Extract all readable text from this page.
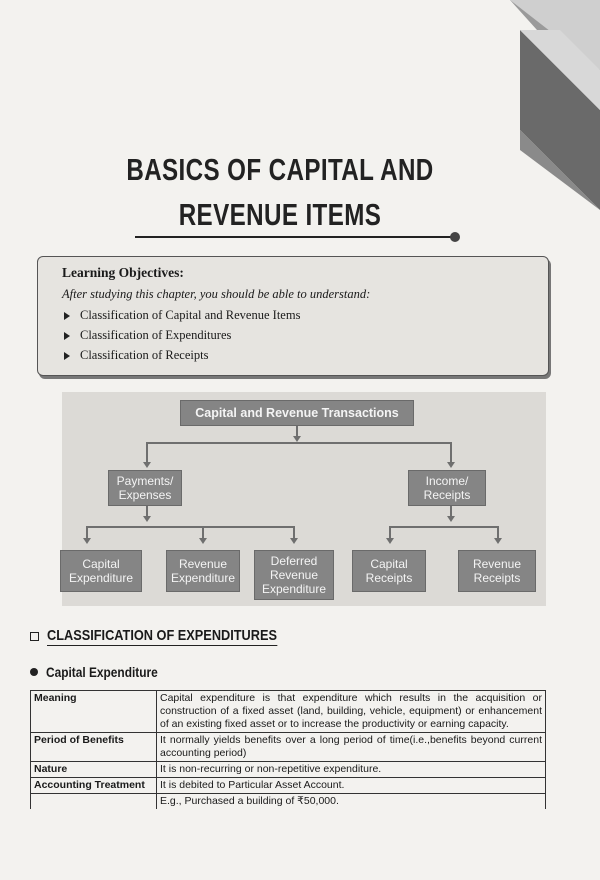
BASICS OF CAPITAL AND
REVENUE ITEMS
Learning Objectives:
After studying this chapter, you should be able to understand:
Classification of Capital and Revenue Items
Classification of Expenditures
Classification of Receipts
Capital and Revenue Transactions
Payments/ Expenses
Income/ Receipts
Capital Expenditure
Revenue Expenditure
Deferred Revenue Expenditure
Capital Receipts
Revenue Receipts
CLASSIFICATION OF EXPENDITURES
Capital Expenditure
Meaning	Capital expenditure is that expenditure which results in the acquisition or construction of a fixed asset (land, building, vehicle, equipment) or enhancement of an existing fixed asset or to increase the productivity or earning capacity.
Period of Benefits	It normally yields benefits over a long period of time(i.e.,benefits beyond current accounting period)
Nature	It is non-recurring or non-repetitive expenditure.
Accounting Treatment	It is debited to Particular Asset Account.
	E.g., Purchased a building of ₹50,000.
